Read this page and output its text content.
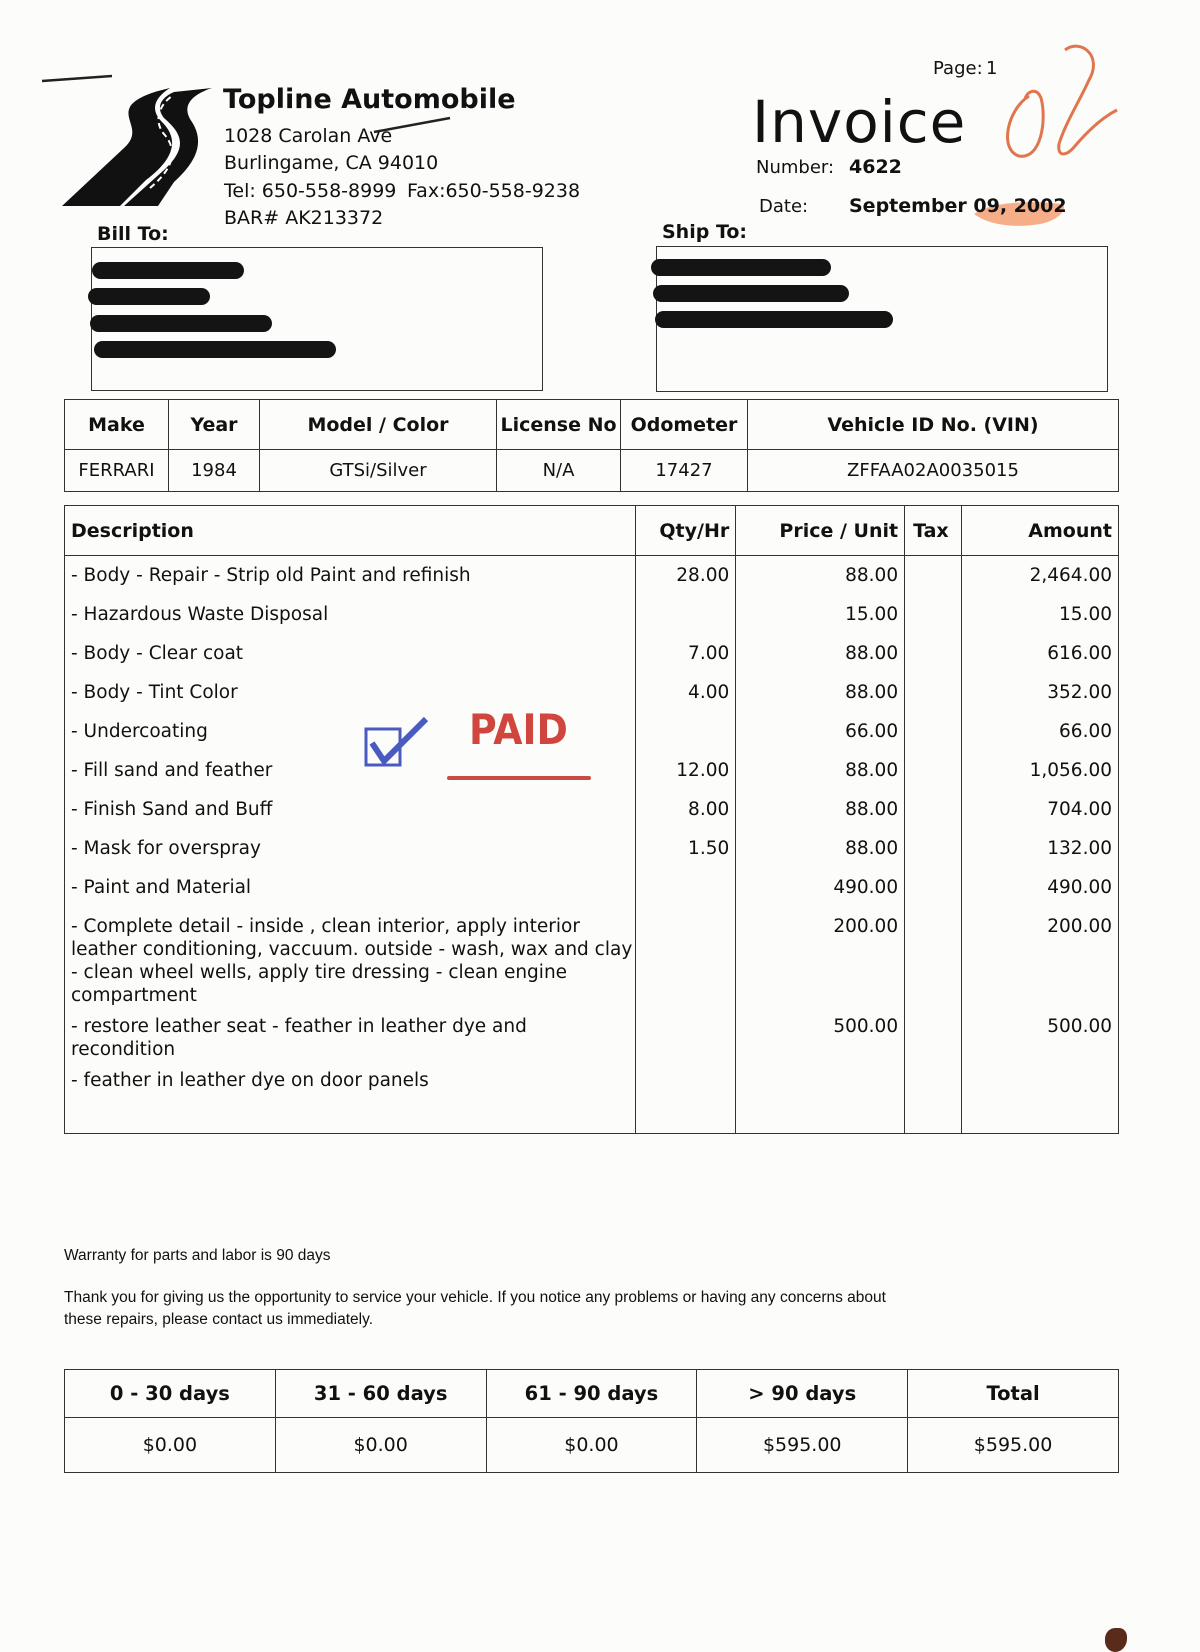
Topline Automobile
1028 Carolan Ave
Burlingame, CA 94010
Tel: 650-558-8999 Fax:650-558-9238
BAR# AK213372
Page: 1
Invoice
Number: 4622
Date: September 09, 2002
Bill To:	Ship To:
Make	Year	Model / Color	License No	Odometer	Vehicle ID No. (VIN)
FERRARI	1984	GTSi/Silver	N/A	17427	ZFFAA02A0035015
Description	Qty/Hr	Price / Unit	Tax	Amount
- Body - Repair - Strip old Paint and refinish	28.00	88.00		2,464.00
- Hazardous Waste Disposal		15.00		15.00
- Body - Clear coat	7.00	88.00		616.00
- Body - Tint Color	4.00	88.00		352.00
- Undercoating		66.00		66.00
- Fill sand and feather	12.00	88.00		1,056.00
- Finish Sand and Buff	8.00	88.00		704.00
- Mask for overspray	1.50	88.00		132.00
- Paint and Material		490.00		490.00
- Complete detail - inside , clean interior, apply interior leather conditioning, vaccuum. outside - wash, wax and clay - clean wheel wells, apply tire dressing - clean engine compartment		200.00		200.00
- restore leather seat - feather in leather dye and recondition		500.00		500.00
- feather in leather dye on door panels				
PAID
Warranty for parts and labor is 90 days
Thank you for giving us the opportunity to service your vehicle. If you notice any problems or having any concerns about
these repairs, please contact us immediately.
0 - 30 days	31 - 60 days	61 - 90 days	> 90 days	Total
$0.00	$0.00	$0.00	$595.00	$595.00
